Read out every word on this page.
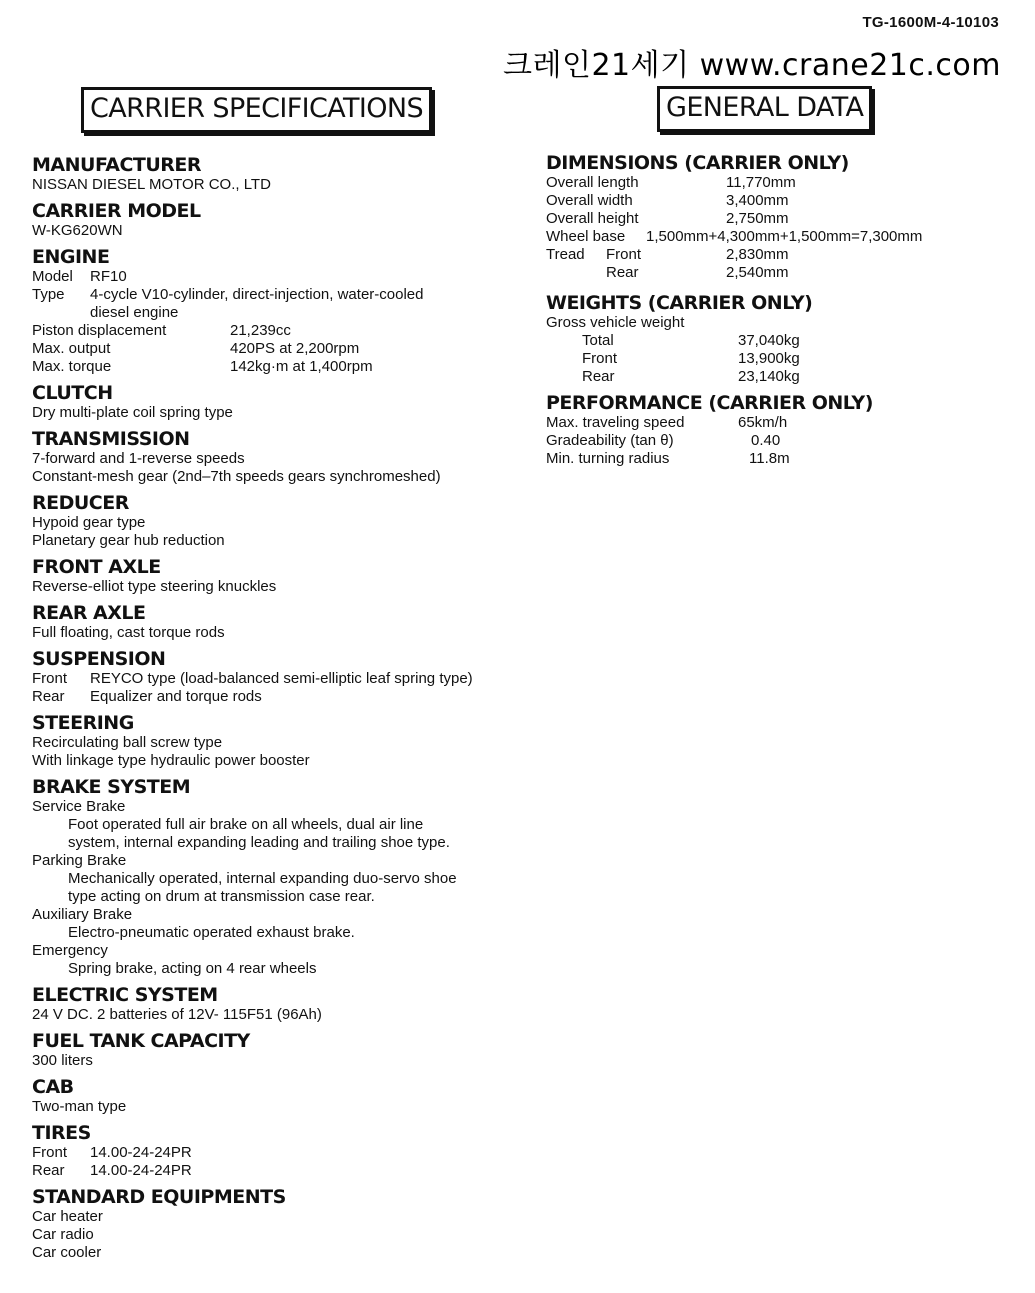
TG-1600M-4-10103
크레인21세기 www.crane21c.com
CARRIER SPECIFICATIONS	GENERAL DATA
MANUFACTURER
NISSAN DIESEL MOTOR CO., LTD
CARRIER MODEL
W-KG620WN
ENGINE
Model	RF10
Type	4-cycle V10-cylinder, direct-injection, water-cooled
diesel engine
Piston displacement	21,239cc
Max. output	420PS at 2,200rpm
Max. torque	142kg·m at 1,400rpm
CLUTCH
Dry multi-plate coil spring type
TRANSMISSION
7-forward and 1-reverse speeds
Constant-mesh gear (2nd–7th speeds gears synchromeshed)
REDUCER
Hypoid gear type
Planetary gear hub reduction
FRONT AXLE
Reverse-elliot type steering knuckles
REAR AXLE
Full floating, cast torque rods
SUSPENSION
Front	REYCO type (load-balanced semi-elliptic leaf spring type)
Rear	Equalizer and torque rods
STEERING
Recirculating ball screw type
With linkage type hydraulic power booster
BRAKE SYSTEM
Service Brake
Foot operated full air brake on all wheels, dual air line system, internal expanding leading and trailing shoe type.
Parking Brake
Mechanically operated, internal expanding duo-servo shoe type acting on drum at transmission case rear.
Auxiliary Brake
Electro-pneumatic operated exhaust brake.
Emergency
Spring brake, acting on 4 rear wheels
ELECTRIC SYSTEM
24 V DC. 2 batteries of 12V- 115F51 (96Ah)
FUEL TANK CAPACITY
300 liters
CAB
Two-man type
TIRES
Front	14.00-24-24PR
Rear	14.00-24-24PR
STANDARD EQUIPMENTS
Car heater
Car radio
Car cooler
DIMENSIONS (CARRIER ONLY)
Overall length	11,770mm
Overall width	3,400mm
Overall height	2,750mm
Wheel base	1,500mm+4,300mm+1,500mm=7,300mm
Tread	Front	2,830mm
Rear	2,540mm
WEIGHTS (CARRIER ONLY)
Gross vehicle weight
Total	37,040kg
Front	13,900kg
Rear	23,140kg
PERFORMANCE (CARRIER ONLY)
Max. traveling speed	65km/h
Gradeability (tan θ)	0.40
Min. turning radius	11.8m
